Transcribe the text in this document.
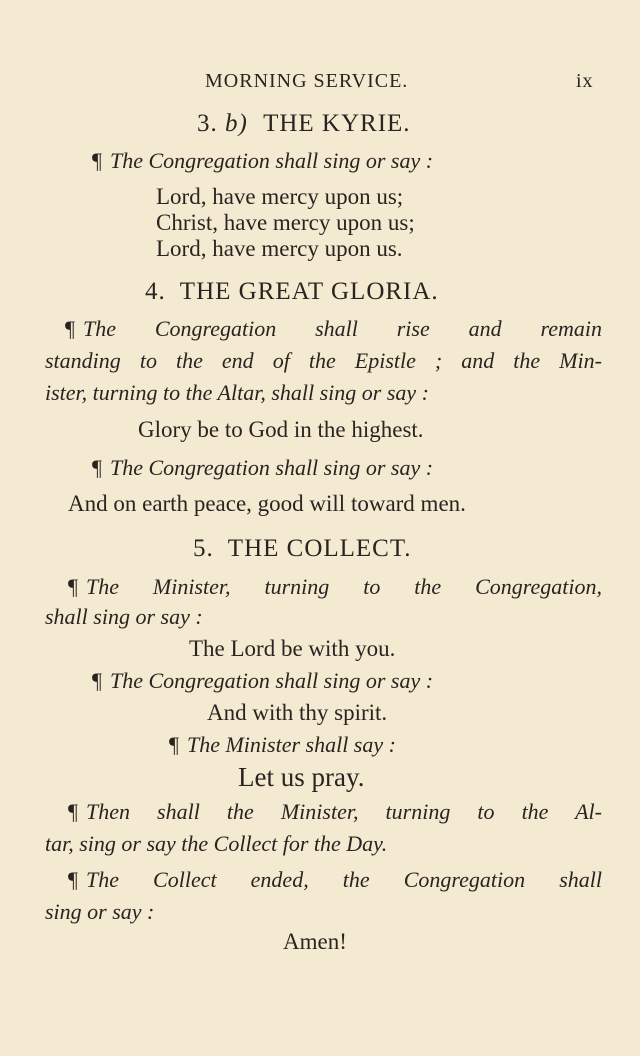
MORNING SERVICE.	ix
3. b) THE KYRIE.
¶ The Congregation shall sing or say :
Lord, have mercy upon us;
Christ, have mercy upon us;
Lord, have mercy upon us.
4.  THE GREAT GLORIA.
¶ The Congregation shall rise and remain
standing to the end of the Epistle ; and the Min-
ister, turning to the Altar, shall sing or say :
Glory be to God in the highest.
¶ The Congregation shall sing or say :
And on earth peace, good will toward men.
5.  THE COLLECT.
¶ The Minister, turning to the Congregation,
shall sing or say :
The Lord be with you.
¶ The Congregation shall sing or say :
And with thy spirit.
¶ The Minister shall say :
Let us pray.
¶ Then shall the Minister, turning to the Al-
tar, sing or say the Collect for the Day.
¶ The Collect ended, the Congregation shall
sing or say :
Amen!
